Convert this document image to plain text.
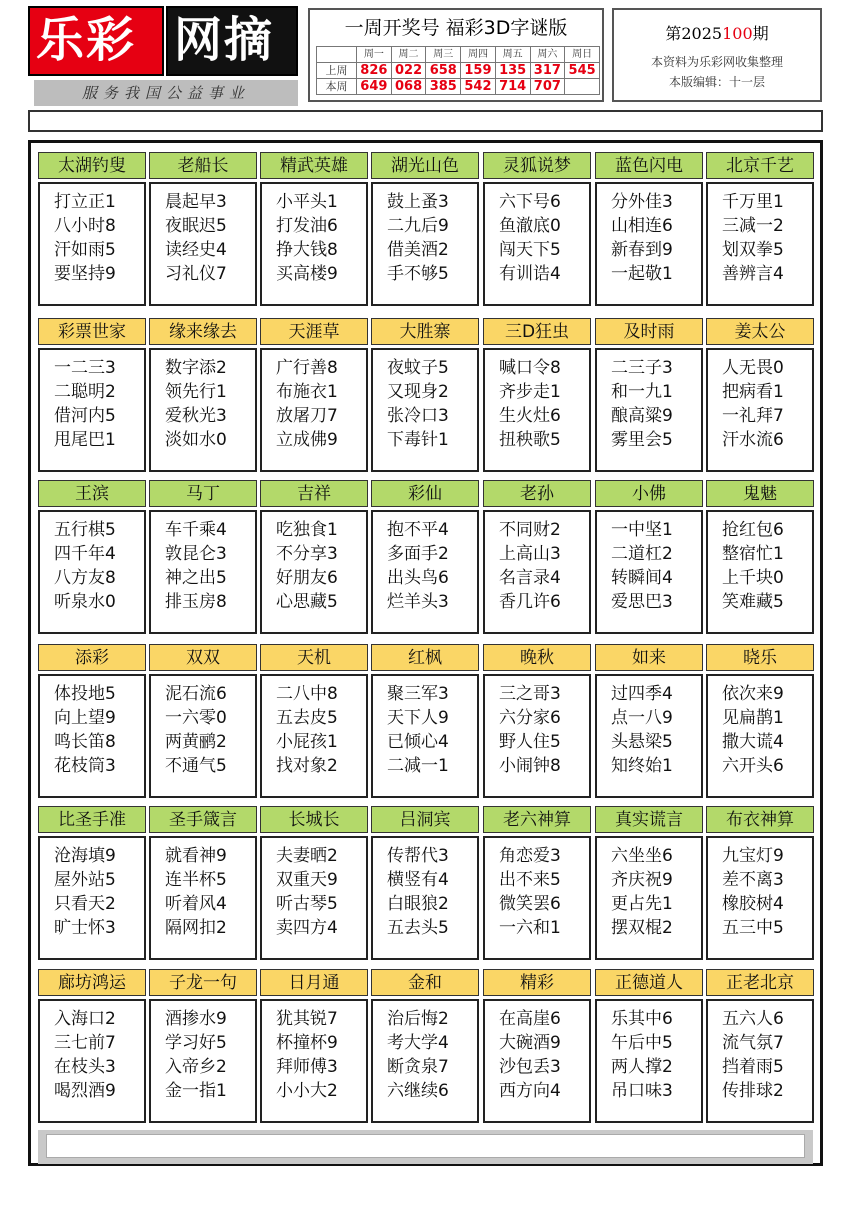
乐彩 网摘
服务我国公益事业
一周开奖号 福彩3D字谜版
	周一	周二	周三	周四	周五	周六	周日
上周	826	022	658	159	135	317	545
本周	649	068	385	542	714	707	
第2025100期
本资料为乐彩网收集整理
本版编辑：十一层
太湖钓叟
打立正1
八小时8
汗如雨5
要坚持9
老船长
晨起早3
夜眠迟5
读经史4
习礼仪7
精武英雄
小平头1
打发油6
挣大钱8
买高楼9
湖光山色
鼓上蚤3
二九后9
借美酒2
手不够5
灵狐说梦
六下号6
鱼澈底0
闯天下5
有训诰4
蓝色闪电
分外佳3
山相连6
新春到9
一起敬1
北京千艺
千万里1
三减一2
划双拳5
善辨言4
彩票世家
一二三3
二聪明2
借河内5
甩尾巴1
缘来缘去
数字添2
领先行1
爱秋光3
淡如水0
天涯草
广行善8
布施衣1
放屠刀7
立成佛9
大胜寨
夜蚊子5
又现身2
张冷口3
下毒针1
三D狂虫
喊口令8
齐步走1
生火灶6
扭秧歌5
及时雨
二三子3
和一九1
酿高粱9
雾里会5
姜太公
人无畏0
把病看1
一礼拜7
汗水流6
王滨
五行棋5
四千年4
八方友8
听泉水0
马丁
车千乘4
敦昆仑3
神之出5
排玉房8
吉祥
吃独食1
不分享3
好朋友6
心思藏5
彩仙
抱不平4
多面手2
出头鸟6
烂羊头3
老孙
不同财2
上高山3
名言录4
香几许6
小佛
一中坚1
二道杠2
转瞬间4
爱思巴3
鬼魅
抢红包6
整宿忙1
上千块0
笑难藏5
添彩
体投地5
向上望9
鸣长笛8
花枝筒3
双双
泥石流6
一六零0
两黄鹂2
不通气5
天机
二八中8
五去皮5
小屁孩1
找对象2
红枫
聚三军3
天下人9
已倾心4
二减一1
晚秋
三之哥3
六分家6
野人住5
小闹钟8
如来
过四季4
点一八9
头悬梁5
知终始1
晓乐
依次来9
见扁鹊1
撒大谎4
六开头6
比圣手准
沧海填9
屋外站5
只看天2
旷士怀3
圣手箴言
就看神9
连半杯5
听着风4
隔网扣2
长城长
夫妻晒2
双重天9
听古琴5
卖四方4
吕洞宾
传帮代3
横竖有4
白眼狼2
五去头5
老六神算
角恋爱3
出不来5
微笑罢6
一六和1
真实谎言
六坐坐6
齐庆祝9
更占先1
摆双棍2
布衣神算
九宝灯9
差不离3
橡胶树4
五三中5
廊坊鸿运
入海口2
三七前7
在枝头3
喝烈酒9
子龙一句
酒掺水9
学习好5
入帝乡2
金一指1
日月通
犹其锐7
杯撞杯9
拜师傅3
小小大2
金和
治后悔2
考大学4
断贪泉7
六继续6
精彩
在高崖6
大碗酒9
沙包丢3
西方向4
正德道人
乐其中6
午后中5
两人撑2
吊口味3
正老北京
五六人6
流气氛7
挡着雨5
传排球2
